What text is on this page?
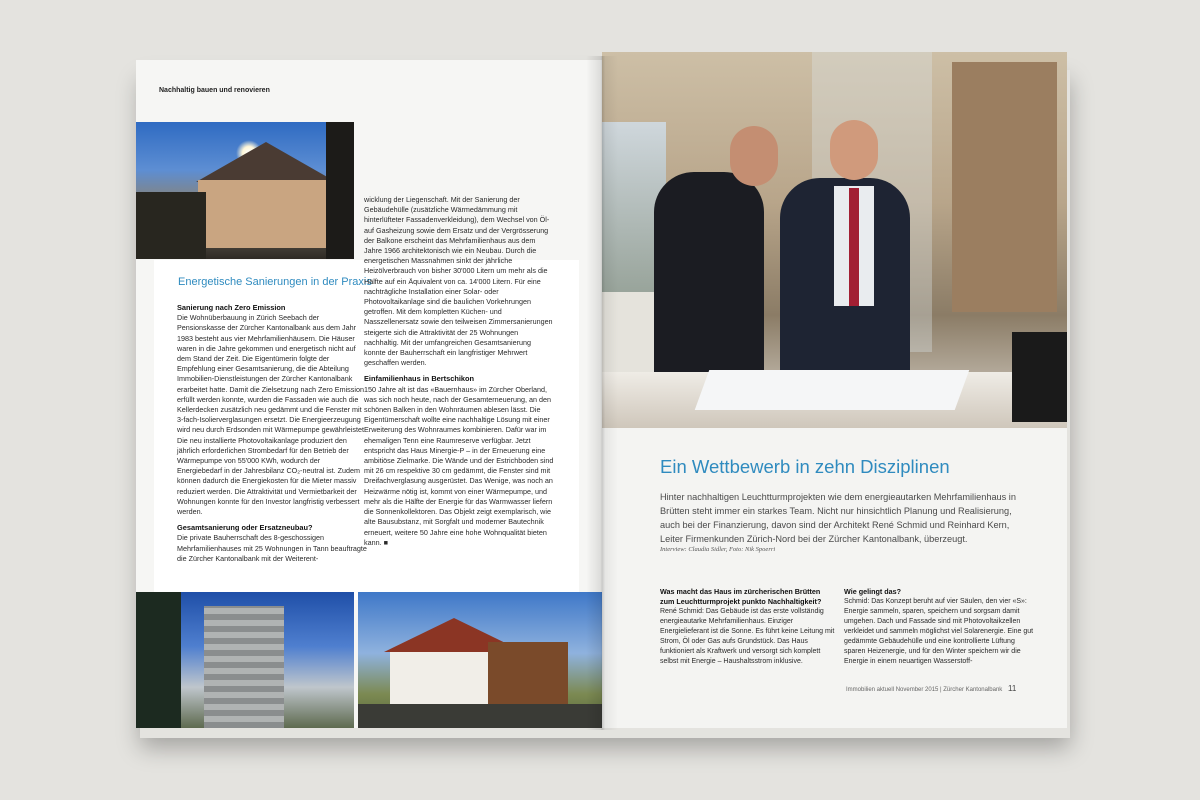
Nachhaltig bauen und renovieren
Energetische Sanierungen in der Praxis
Sanierung nach Zero Emission

Die Wohnüberbauung in Zürich Seebach der Pensionskasse der Zürcher Kantonalbank aus dem Jahr 1983 besteht aus vier Mehrfamilienhäusern. Die Häuser waren in die Jahre gekommen und energetisch nicht auf dem Stand der Zeit. Die Eigentümerin folgte der Empfehlung einer Gesamtsanierung, die die Abteilung Immobilien-Dienstleistungen der Zürcher Kantonalbank erarbeitet hatte. Damit die Zielsetzung nach Zero Emission erfüllt werden konnte, wurden die Fassaden wie auch die Kellerdecken zusätzlich neu gedämmt und die Fenster mit 3-fach-Isolierverglasungen ersetzt. Die Energieerzeugung wird neu durch Erdsonden mit Wärmepumpe gewährleistet. Die neu installierte Photovoltaikanlage produziert den jährlich erforderlichen Strombedarf für den Betrieb der Wärmepumpe von 55'000 KWh, wodurch der Energiebedarf in der Jahresbilanz CO₂-neutral ist. Zudem können dadurch die Energiekosten für die Mieter massiv reduziert werden. Die Attraktivität und Vermietbarkeit der Wohnungen konnte für den Investor langfristig verbessert werden.

Gesamtsanierung oder Ersatzneubau?

Die private Bauherrschaft des 8-geschossigen Mehrfamilienhauses mit 25 Wohnungen in Tann beauftragte die Zürcher Kantonalbank mit der Weiterent-

wicklung der Liegenschaft. Mit der Sanierung der Gebäudehülle (zusätzliche Wärmedämmung mit hinterlüfteter Fassadenverkleidung), dem Wechsel von Öl- auf Gasheizung sowie dem Ersatz und der Vergrösserung der Balkone erscheint das Mehrfamilienhaus aus dem Jahre 1966 architektonisch wie ein Neubau. Durch die energetischen Massnahmen sinkt der jährliche Heizölverbrauch von bisher 30'000 Litern um mehr als die Hälfte auf ein Äquivalent von ca. 14'000 Litern. Für eine nachträgliche Installation einer Solar- oder Photovoltaikanlage sind die baulichen Vorkehrungen getroffen. Mit dem kompletten Küchen- und Nasszellenersatz sowie den teilweisen Zimmersanierungen steigerte sich die Attraktivität der 25 Wohnungen nachhaltig. Mit der umfangreichen Gesamtsanierung konnte der Bauherrschaft ein langfristiger Mehrwert geschaffen werden.

Einfamilienhaus in Bertschikon

150 Jahre alt ist das «Bauernhaus» im Zürcher Oberland, was sich noch heute, nach der Gesamterneuerung, an den schönen Balken in den Wohnräumen ablesen lässt. Die Eigentümerschaft wollte eine nachhaltige Lösung mit einer Erweiterung des Wohnraumes kombinieren. Dafür war im ehemaligen Tenn eine Raumreserve verfügbar. Jetzt entspricht das Haus Minergie-P – in der Erneuerung eine ambitiöse Zielmarke. Die Wände und der Estrichboden sind mit 26 cm respektive 30 cm gedämmt, die Fenster sind mit Dreifachverglasung ausgerüstet. Das Wenige, was noch an Heizwärme nötig ist, kommt von einer Wärmepumpe, und mehr als die Hälfte der Energie für das Warmwasser liefern die Sonnenkollektoren. Das Objekt zeigt exemplarisch, wie alte Bausubstanz, mit Sorgfalt und moderner Bautechnik erneuert, weitere 50 Jahre eine hohe Wohnqualität bieten kann. ■

Ein Wettbewerb in zehn Disziplinen
Hinter nachhaltigen Leuchtturmprojekten wie dem energieautarken Mehrfamilienhaus in Brütten steht immer ein starkes Team. Nicht nur hinsichtlich Planung und Realisierung, auch bei der Finanzierung, davon sind der Architekt René Schmid und Reinhard Kern, Leiter Firmenkunden Zürich-Nord bei der Zürcher Kantonalbank, überzeugt.
Interview: Claudia Sidler, Foto: Nik Spoerri
Was macht das Haus im zürcherischen Brütten zum Leuchtturmprojekt punkto Nachhaltigkeit?
René Schmid: Das Gebäude ist das erste vollständig energieautarke Mehrfamilienhaus. Einziger Energielieferant ist die Sonne. Es führt keine Leitung mit Strom, Öl oder Gas aufs Grundstück. Das Haus funktioniert als Kraftwerk und versorgt sich komplett selbst mit Energie – Haushaltsstrom inklusive.
Wie gelingt das?
Schmid: Das Konzept beruht auf vier Säulen, den vier «S»: Energie sammeln, sparen, speichern und sorgsam damit umgehen. Dach und Fassade sind mit Photovoltaikzellen verkleidet und sammeln möglichst viel Solarenergie. Eine gut gedämmte Gebäudehülle und eine kontrollierte Lüftung sparen Heizenergie, und für den Winter speichern wir die Energie in einem neuartigen Wasserstoff-
Immobilien aktuell November 2015 | Zürcher Kantonalbank 11
